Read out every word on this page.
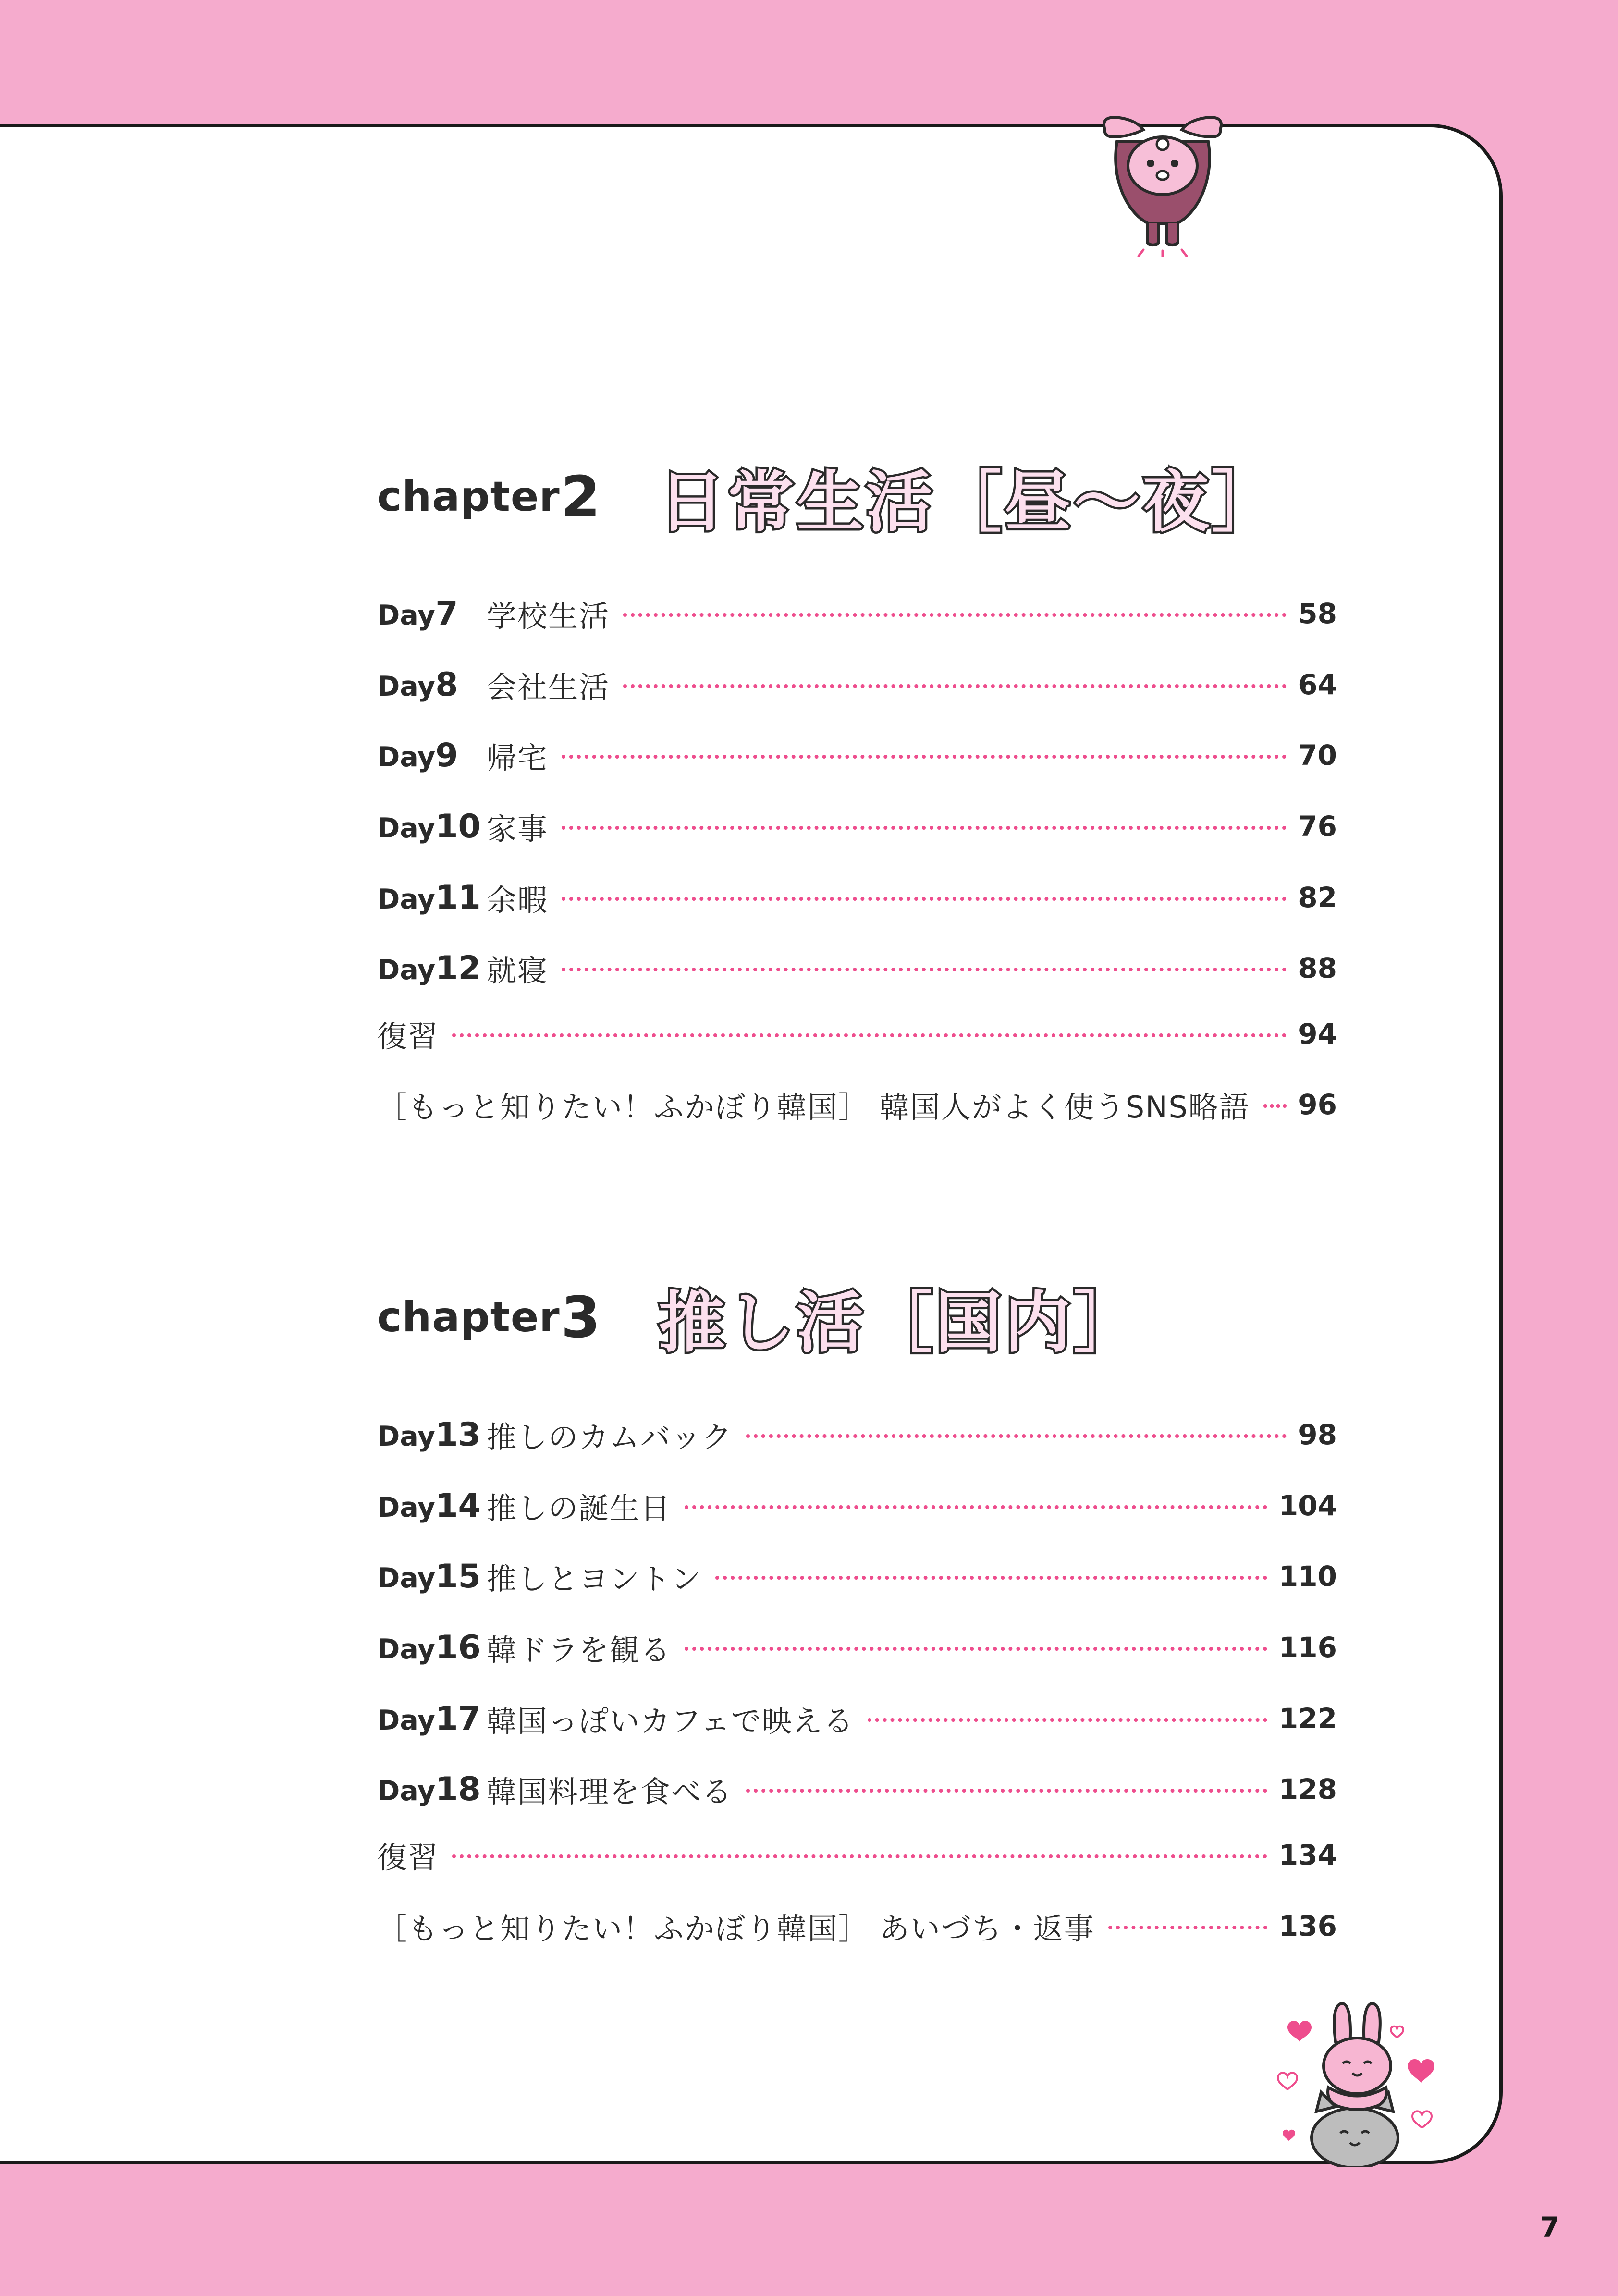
chapter 2 日常生活［昼〜夜］
Day7 学校生活	58
Day8 会社生活	64
Day9 帰宅	70
Day10 家事	76
Day11 余暇	82
Day12 就寝	88
復習	94
［もっと知りたい！ふかぼり韓国］ 韓国人がよく使うSNS略語 96
chapter 3 推し活［国内］
Day13 推しのカムバック	98
Day14 推しの誕生日	104
Day15 推しとヨントン	110
Day16 韓ドラを観る	116
Day17 韓国っぽいカフェで映える	122
Day18 韓国料理を食べる	128
復習	134
［もっと知りたい！ふかぼり韓国］ あいづち・返事	136
7
